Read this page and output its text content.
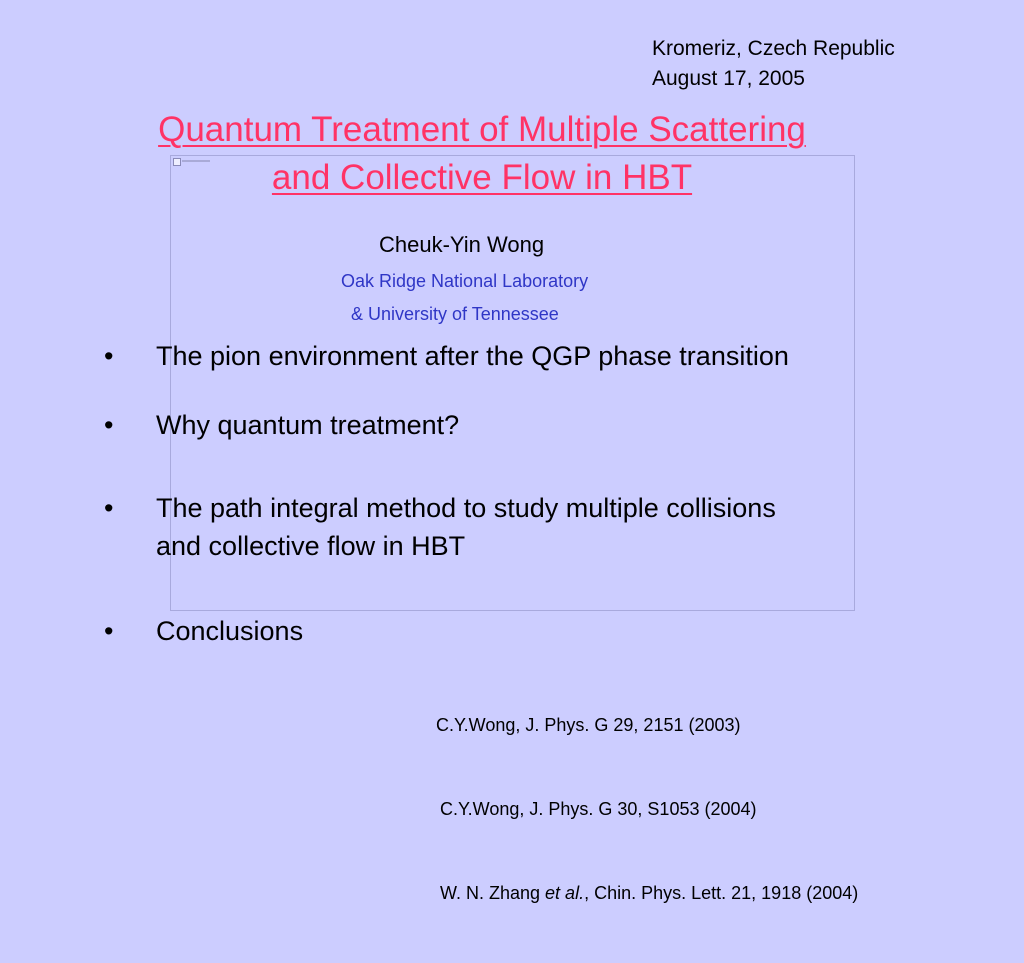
Kromeriz, Czech Republic
August 17, 2005
Quantum Treatment of Multiple Scattering
and Collective Flow in HBT
Cheuk-Yin Wong
Oak Ridge National Laboratory
& University of Tennessee
• The pion environment after the QGP phase transition
• Why quantum treatment?
• The path integral method to study multiple collisions
and collective flow in HBT
• Conclusions

C.Y.Wong, J. Phys. G 29, 2151 (2003)

C.Y.Wong, J. Phys. G 30, S1053 (2004)

W. N. Zhang et al., Chin. Phys. Lett. 21, 1918 (2004)
